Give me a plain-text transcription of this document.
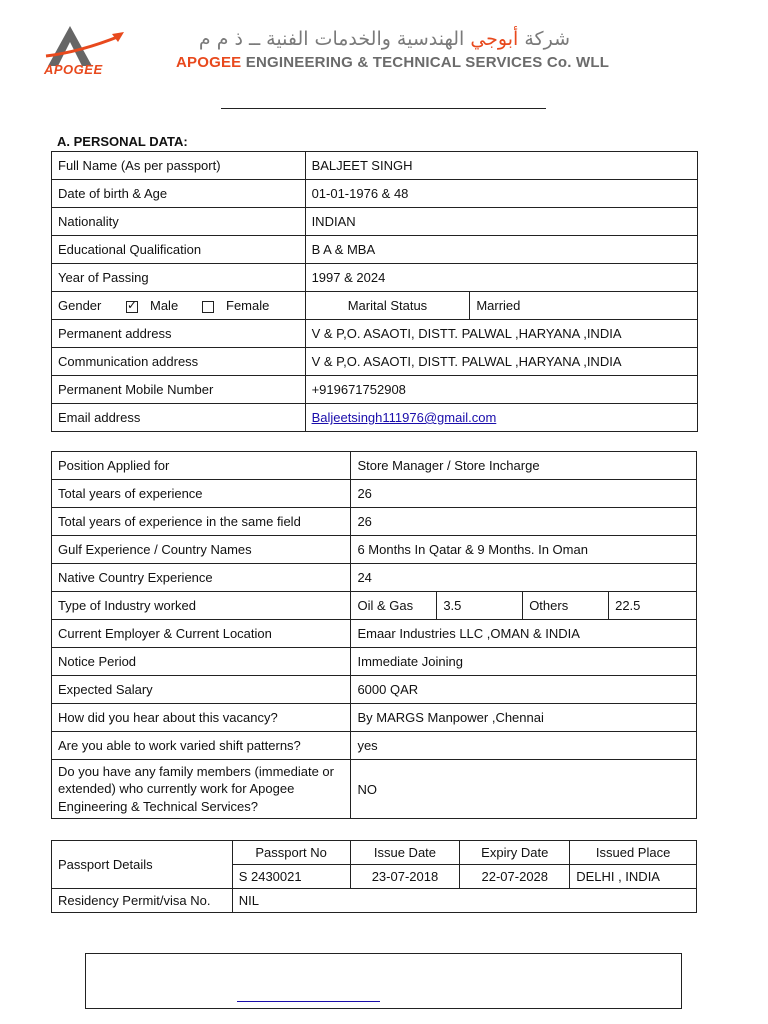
APOGEE
شركة أبوجي الهندسية والخدمات الفنية ــ ذ م م
APOGEE ENGINEERING & TECHNICAL SERVICES Co. WLL
A. PERSONAL DATA:
Full Name (As per passport)	BALJEET SINGH	
Date of birth & Age	01-01-1976 & 48	
Nationality	INDIAN	
Educational Qualification	B A & MBA	
Year of Passing	1997 & 2024	
Gender ✓ Male Female	Marital Status	Married
Permanent address	V & P,O. ASAOTI, DISTT. PALWAL ,HARYANA ,INDIA	
Communication address	V & P,O. ASAOTI, DISTT. PALWAL ,HARYANA ,INDIA	
Permanent Mobile Number	+919671752908	
Email address	Baljeetsingh111976@gmail.com	
Position Applied for	Store Manager / Store Incharge			
Total years of experience	26			
Total years of experience in the same field	26			
Gulf Experience / Country Names	6 Months In Qatar & 9 Months. In Oman			
Native Country Experience	24			
Type of Industry worked	Oil & Gas	3.5	Others	22.5
Current Employer & Current Location	Emaar Industries LLC ,OMAN & INDIA			
Notice Period	Immediate Joining			
Expected Salary	6000 QAR			
How did you hear about this vacancy?	By MARGS Manpower ,Chennai			
Are you able to work varied shift patterns?	yes			
Do you have any family members (immediate or extended) who currently work for Apogee Engineering & Technical Services?	NO			
Passport Details	Passport No	Issue Date	Expiry Date	Issued Place
	S 2430021	23-07-2018	22-07-2028	DELHI , INDIA
Residency Permit/visa No.	NIL			
